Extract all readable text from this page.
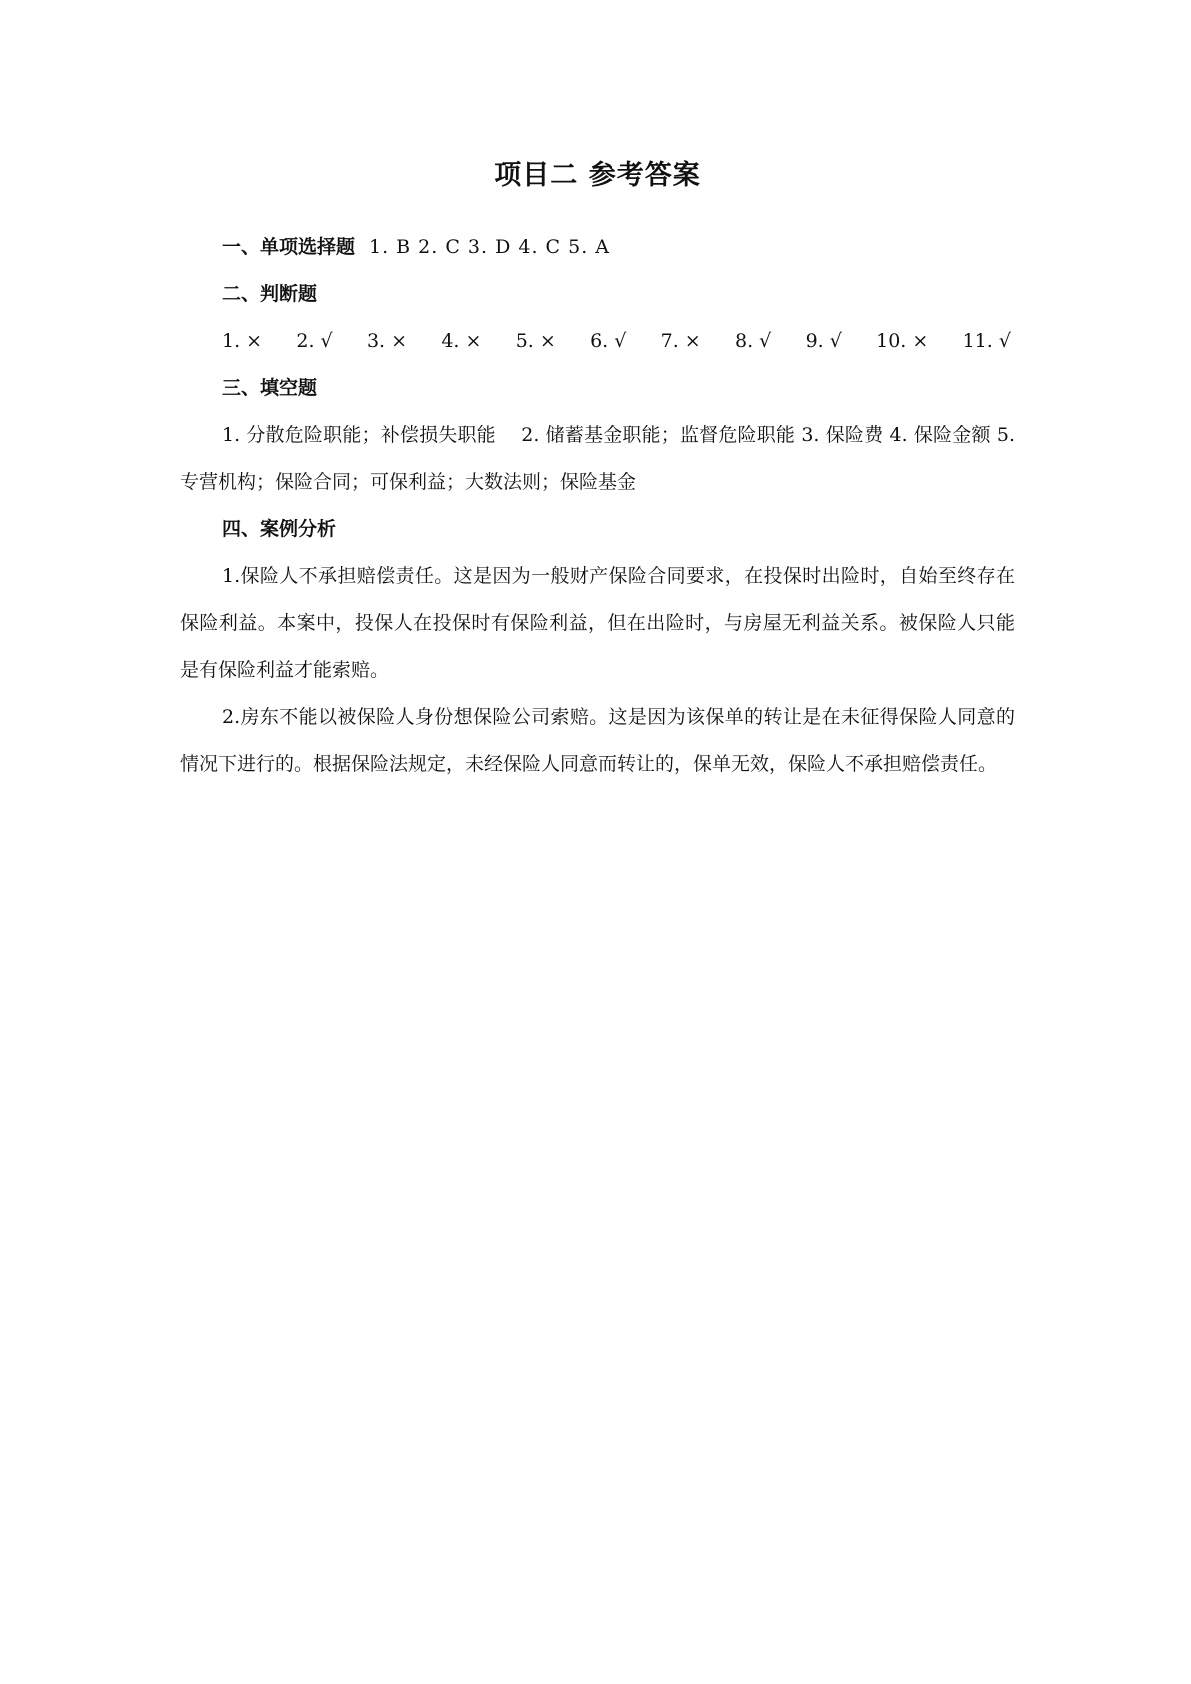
项目二 参考答案
一、单项选择题 1. B 2. C 3. D 4. C 5. A
二、判断题
1. × 2. √ 3. × 4. × 5. × 6. √ 7. × 8. √ 9. √ 10. × 11. √
三、填空题

1. 分散危险职能；补偿损失职能　 2. 储蓄基金职能；监督危险职能 3. 保险费 4. 保险金额 5. 专营机构；保险合同；可保利益；大数法则；保险基金

四、案例分析

1.保险人不承担赔偿责任。这是因为一般财产保险合同要求，在投保时出险时，自始至终存在保险利益。本案中，投保人在投保时有保险利益，但在出险时，与房屋无利益关系。被保险人只能是有保险利益才能索赔。

2.房东不能以被保险人身份想保险公司索赔。这是因为该保单的转让是在未征得保险人同意的情况下进行的。根据保险法规定，未经保险人同意而转让的，保单无效，保险人不承担赔偿责任。
